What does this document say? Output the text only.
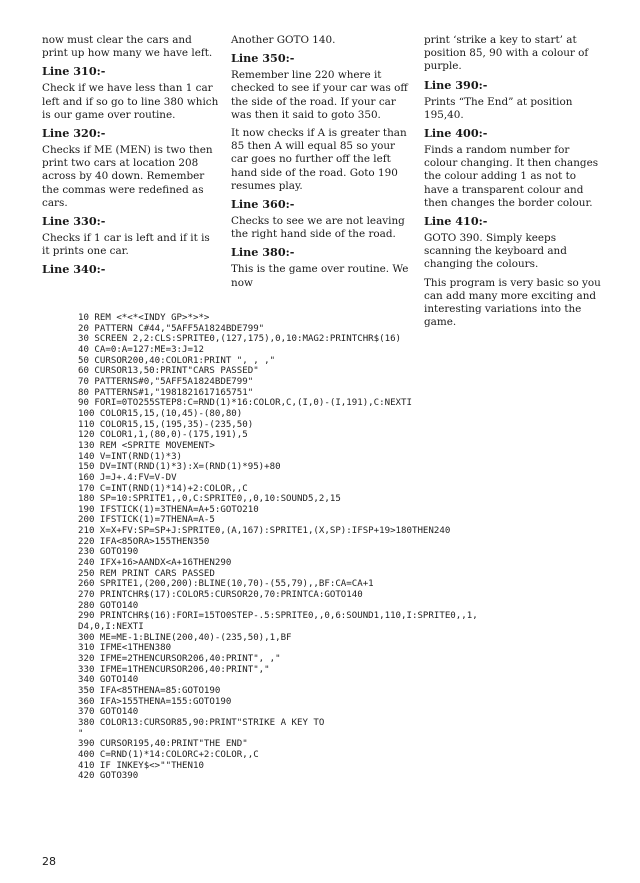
now must clear the cars and print up how many we have left.

Line 310:-

Check if we have less than 1 car left and if so go to line 380 which is our game over routine.

Line 320:-

Checks if ME (MEN) is two then print two cars at location 208 across by 40 down. Remember the commas were redefined as cars.

Line 330:-

Checks if 1 car is left and if it is it prints one car.

Line 340:-

Another GOTO 140.

Line 350:-

Remember line 220 where it checked to see if your car was off the side of the road. If your car was then it said to goto 350.

It now checks if A is greater than 85 then A will equal 85 so your car goes no further off the left hand side of the road. Goto 190 resumes play.

Line 360:-

Checks to see we are not leaving the right hand side of the road.

Line 380:-

This is the game over routine. We now

print ‘strike a key to start’ at position 85, 90 with a colour of purple.

Line 390:-

Prints “The End” at position 195,40.

Line 400:-

Finds a random number for colour changing. It then changes the colour adding 1 as not to have a transparent colour and then changes the border colour.

Line 410:-

GOTO 390. Simply keeps scanning the keyboard and changing the colours.

This program is very basic so you can add many more exciting and interesting variations into the game.

10 REM <*<*<INDY GP>*>*>
20 PATTERN C#44,"5AFF5A1824BDE799"
30 SCREEN 2,2:CLS:SPRITE0,(127,175),0,10:MAG2:PRINTCHR$(16)
40 CA=0:A=127:ME=3:J=12
50 CURSOR200,40:COLOR1:PRINT ", , ,"
60 CURSOR13,50:PRINT"CARS PASSED"
70 PATTERNS#0,"5AFF5A1824BDE799"
80 PATTERNS#1,"1981821617165751"
90 FORI=0TO255STEP8:C=RND(1)*16:COLOR,C,(I,0)-(I,191),C:NEXTI
100 COLOR15,15,(10,45)-(80,80)
110 COLOR15,15,(195,35)-(235,50)
120 COLOR1,1,(80,0)-(175,191),5
130 REM <SPRITE MOVEMENT>
140 V=INT(RND(1)*3)
150 DV=INT(RND(1)*3):X=(RND(1)*95)+80
160 J=J+.4:FV=V-DV
170 C=INT(RND(1)*14)+2:COLOR,,C
180 SP=10:SPRITE1,,0,C:SPRITE0,,0,10:SOUND5,2,15
190 IFSTICK(1)=3THENA=A+5:GOTO210
200 IFSTICK(1)=7THENA=A-5
210 X=X+FV:SP=SP+J:SPRITE0,(A,167):SPRITE1,(X,SP):IFSP+19>180THEN240
220 IFA<85ORA>155THEN350
230 GOTO190
240 IFX+16>AANDX<A+16THEN290
250 REM PRINT CARS PASSED
260 SPRITE1,(200,200):BLINE(10,70)-(55,79),,BF:CA=CA+1
270 PRINTCHR$(17):COLOR5:CURSOR20,70:PRINTCA:GOTO140
280 GOTO140
290 PRINTCHR$(16):FORI=15TO0STEP-.5:SPRITE0,,0,6:SOUND1,110,I:SPRITE0,,1,
D4,0,I:NEXTI
300 ME=ME-1:BLINE(200,40)-(235,50),1,BF
310 IFME<1THEN380
320 IFME=2THENCURSOR206,40:PRINT", ,"
330 IFME=1THENCURSOR206,40:PRINT","
340 GOTO140
350 IFA<85THENA=85:GOTO190
360 IFA>155THENA=155:GOTO190
370 GOTO140
380 COLOR13:CURSOR85,90:PRINT"STRIKE A KEY TO
"
390 CURSOR195,40:PRINT"THE END"
400 C=RND(1)*14:COLORC+2:COLOR,,C
410 IF INKEY$<>""THEN10
420 GOTO390

28
